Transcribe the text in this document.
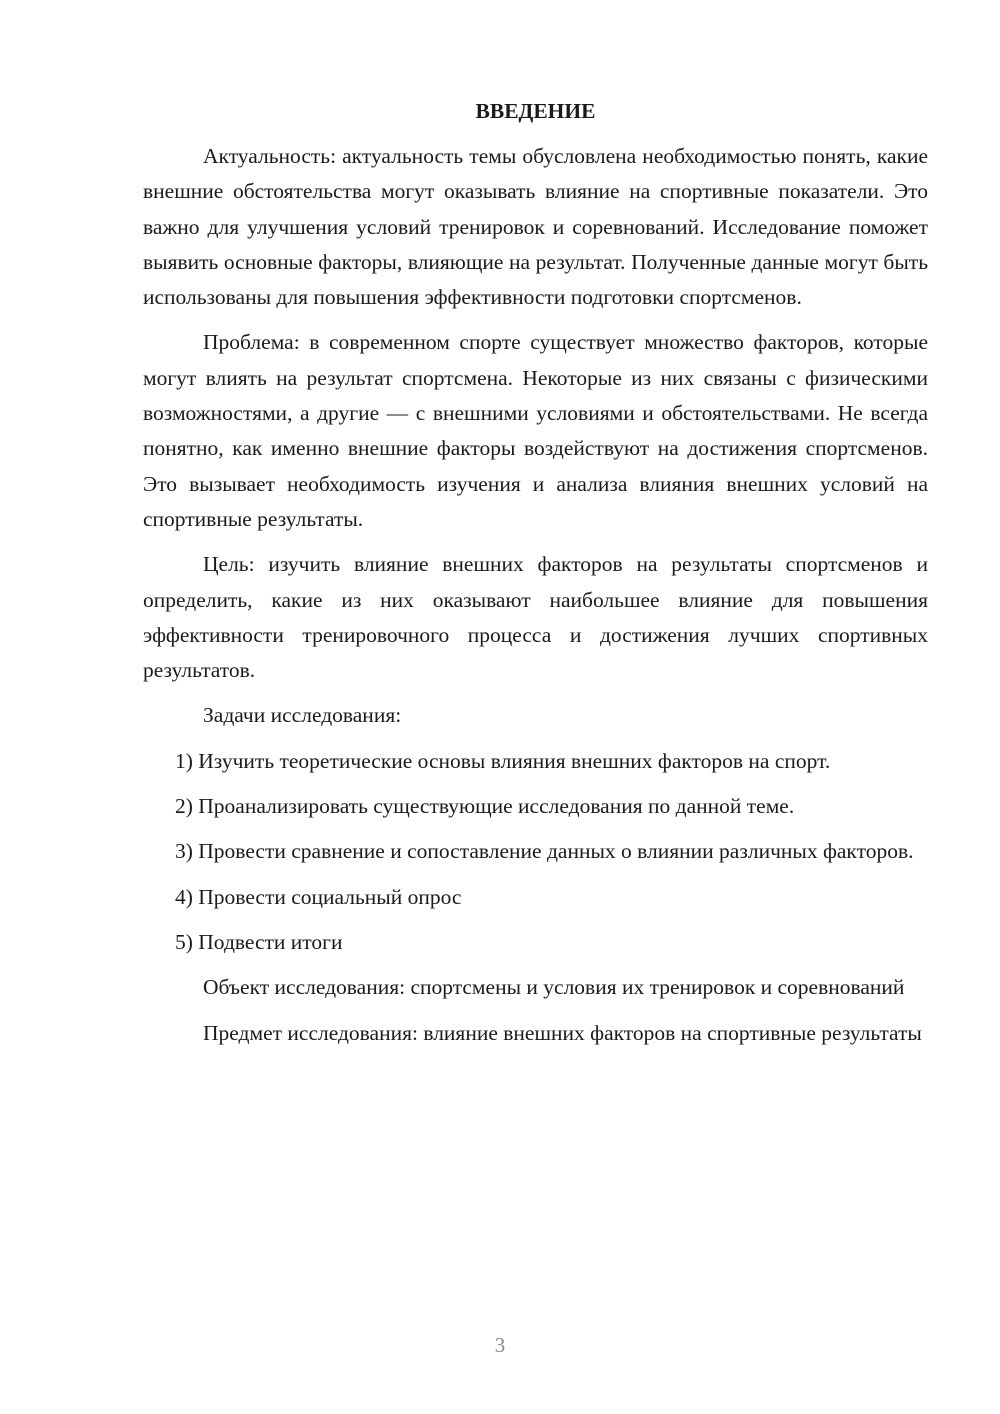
ВВЕДЕНИЕ

Актуальность: актуальность темы обусловлена необходимостью понять, какие внешние обстоятельства могут оказывать влияние на спортивные показатели. Это важно для улучшения условий тренировок и соревнований. Исследование поможет выявить основные факторы, влияющие на результат. Полученные данные могут быть использованы для повышения эффективности подготовки спортсменов.

Проблема: в современном спорте существует множество факторов, которые могут влиять на результат спортсмена. Некоторые из них связаны с физическими возможностями, а другие — с внешними условиями и обстоятельствами. Не всегда понятно, как именно внешние факторы воздействуют на достижения спортсменов. Это вызывает необходимость изучения и анализа влияния внешних условий на спортивные результаты.

Цель: изучить влияние внешних факторов на результаты спортсменов и определить, какие из них оказывают наибольшее влияние для повышения эффективности тренировочного процесса и достижения лучших спортивных результатов.

Задачи исследования:

1) Изучить теоретические основы влияния внешних факторов на спорт.

2) Проанализировать существующие исследования по данной теме.

3) Провести сравнение и сопоставление данных о влиянии различных факторов.

4) Провести социальный опрос

5) Подвести итоги

Объект исследования: спортсмены и условия их тренировок и соревнований

Предмет исследования: влияние внешних факторов на спортивные результаты

3
